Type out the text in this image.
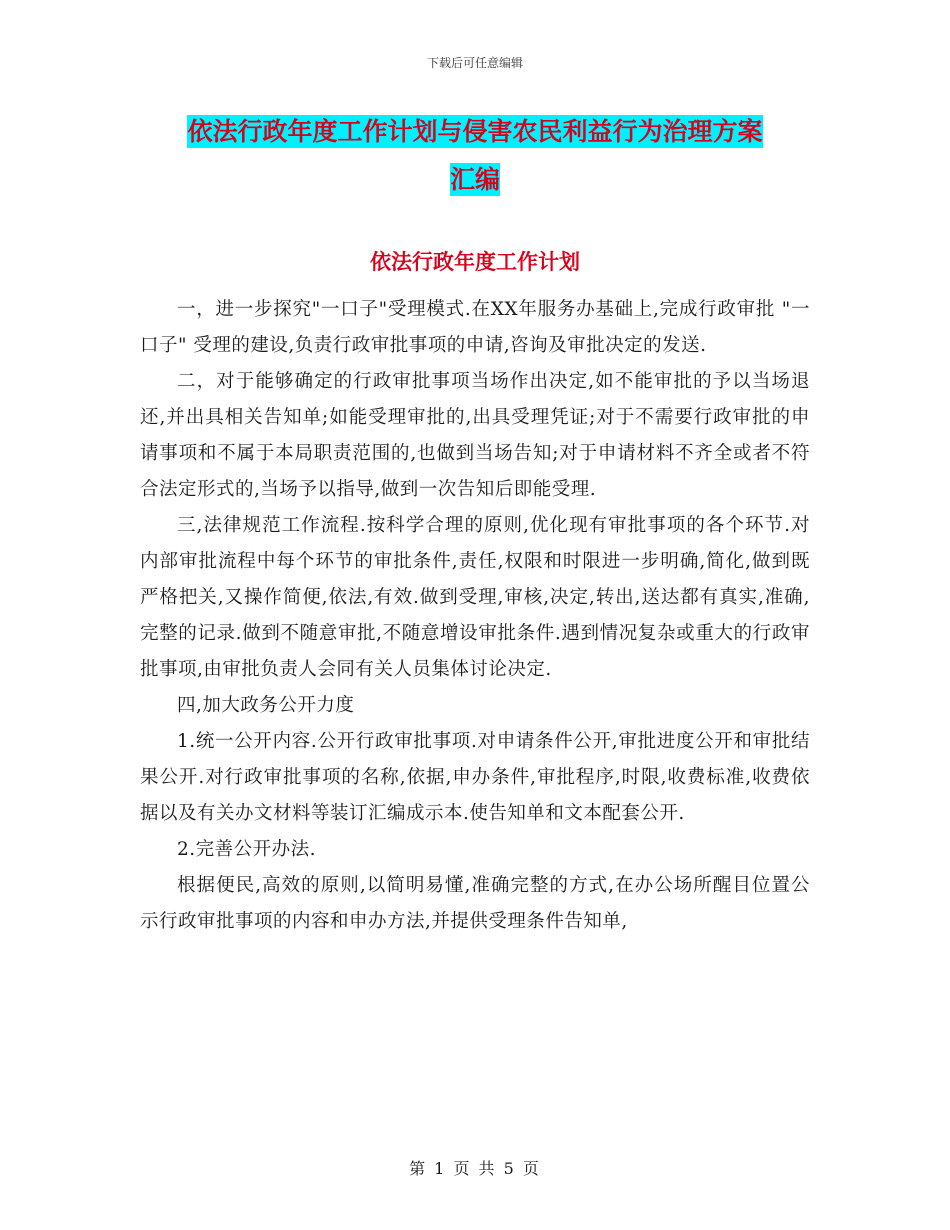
下载后可任意编辑
依法行政年度工作计划与侵害农民利益行为治理方案
汇编
依法行政年度工作计划

一，进一步探究"一口子"受理模式.在XX年服务办基础上,完成行政审批 "一口子" 受理的建设,负责行政审批事项的申请,咨询及审批决定的发送.

二，对于能够确定的行政审批事项当场作出决定,如不能审批的予以当场退还,并出具相关告知单;如能受理审批的,出具受理凭证;对于不需要行政审批的申请事项和不属于本局职责范围的,也做到当场告知;对于申请材料不齐全或者不符合法定形式的,当场予以指导,做到一次告知后即能受理.

三,法律规范工作流程.按科学合理的原则,优化现有审批事项的各个环节.对内部审批流程中每个环节的审批条件,责任,权限和时限进一步明确,简化,做到既严格把关,又操作简便,依法,有效.做到受理,审核,决定,转出,送达都有真实,准确,完整的记录.做到不随意审批,不随意增设审批条件.遇到情况复杂或重大的行政审批事项,由审批负责人会同有关人员集体讨论决定.

四,加大政务公开力度

1.统一公开内容.公开行政审批事项.对申请条件公开,审批进度公开和审批结果公开.对行政审批事项的名称,依据,申办条件,审批程序,时限,收费标准,收费依据以及有关办文材料等装订汇编成示本.使告知单和文本配套公开.

2.完善公开办法.

根据便民,高效的原则,以简明易懂,准确完整的方式,在办公场所醒目位置公示行政审批事项的内容和申办方法,并提供受理条件告知单,

第 1 页 共 5 页
